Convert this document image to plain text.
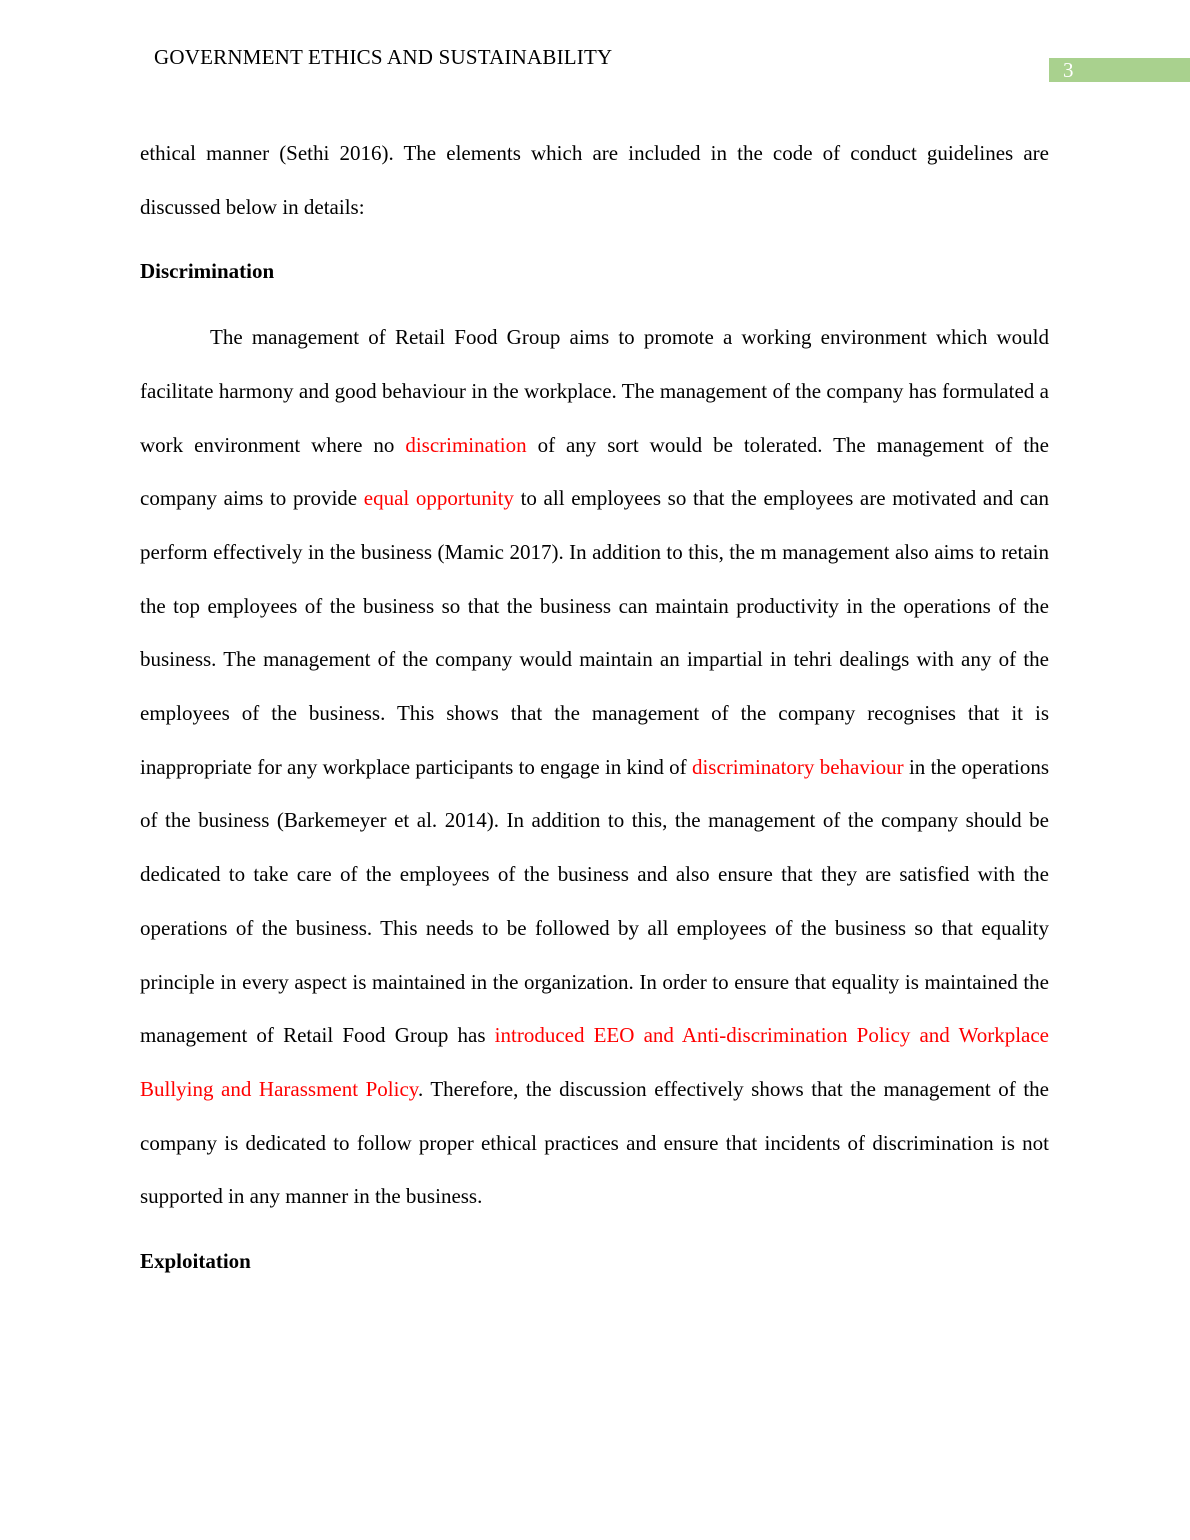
GOVERNMENT ETHICS AND SUSTAINABILITY
3

ethical manner (Sethi 2016). The elements which are included in the code of conduct guidelines are discussed below in details:

Discrimination

The management of Retail Food Group aims to promote a working environment which would facilitate harmony and good behaviour in the workplace. The management of the company has formulated a work environment where no discrimination of any sort would be tolerated. The management of the company aims to provide equal opportunity to all employees so that the employees are motivated and can perform effectively in the business (Mamic 2017). In addition to this, the m management also aims to retain the top employees of the business so that the business can maintain productivity in the operations of the business. The management of the company would maintain an impartial in tehri dealings with any of the employees of the business. This shows that the management of the company recognises that it is inappropriate for any workplace participants to engage in kind of discriminatory behaviour in the operations of the business (Barkemeyer et al. 2014). In addition to this, the management of the company should be dedicated to take care of the employees of the business and also ensure that they are satisfied with the operations of the business. This needs to be followed by all employees of the business so that equality principle in every aspect is maintained in the organization. In order to ensure that equality is maintained the management of Retail Food Group has introduced EEO and Anti-discrimination Policy and Workplace Bullying and Harassment Policy. Therefore, the discussion effectively shows that the management of the company is dedicated to follow proper ethical practices and ensure that incidents of discrimination is not supported in any manner in the business.

Exploitation
